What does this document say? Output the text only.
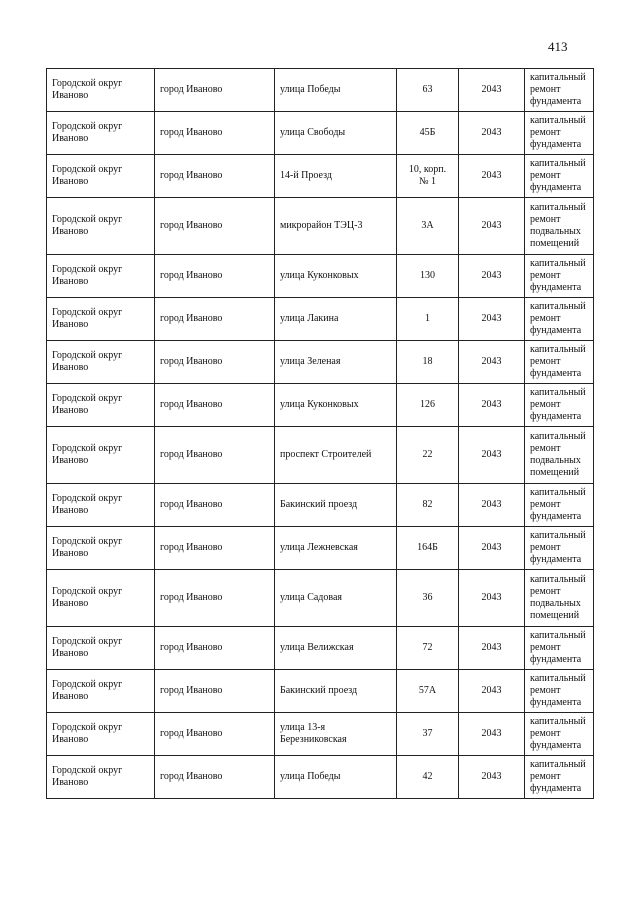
413
Городской округ
Иваново	город Иваново	улица Победы	63	2043	капитальный
ремонт
фундамента
Городской округ
Иваново	город Иваново	улица Свободы	45Б	2043	капитальный
ремонт
фундамента
Городской округ
Иваново	город Иваново	14-й Проезд	10, корп.
№ 1	2043	капитальный
ремонт
фундамента
Городской округ
Иваново	город Иваново	микрорайон ТЭЦ-3	3А	2043	капитальный
ремонт
подвальных
помещений
Городской округ
Иваново	город Иваново	улица Куконковых	130	2043	капитальный
ремонт
фундамента
Городской округ
Иваново	город Иваново	улица Лакина	1	2043	капитальный
ремонт
фундамента
Городской округ
Иваново	город Иваново	улица Зеленая	18	2043	капитальный
ремонт
фундамента
Городской округ
Иваново	город Иваново	улица Куконковых	126	2043	капитальный
ремонт
фундамента
Городской округ
Иваново	город Иваново	проспект Строителей	22	2043	капитальный
ремонт
подвальных
помещений
Городской округ
Иваново	город Иваново	Бакинский проезд	82	2043	капитальный
ремонт
фундамента
Городской округ
Иваново	город Иваново	улица Лежневская	164Б	2043	капитальный
ремонт
фундамента
Городской округ
Иваново	город Иваново	улица Садовая	36	2043	капитальный
ремонт
подвальных
помещений
Городской округ
Иваново	город Иваново	улица Велижская	72	2043	капитальный
ремонт
фундамента
Городской округ
Иваново	город Иваново	Бакинский проезд	57А	2043	капитальный
ремонт
фундамента
Городской округ
Иваново	город Иваново	улица 13-я
Березниковская	37	2043	капитальный
ремонт
фундамента
Городской округ
Иваново	город Иваново	улица Победы	42	2043	капитальный
ремонт
фундамента
